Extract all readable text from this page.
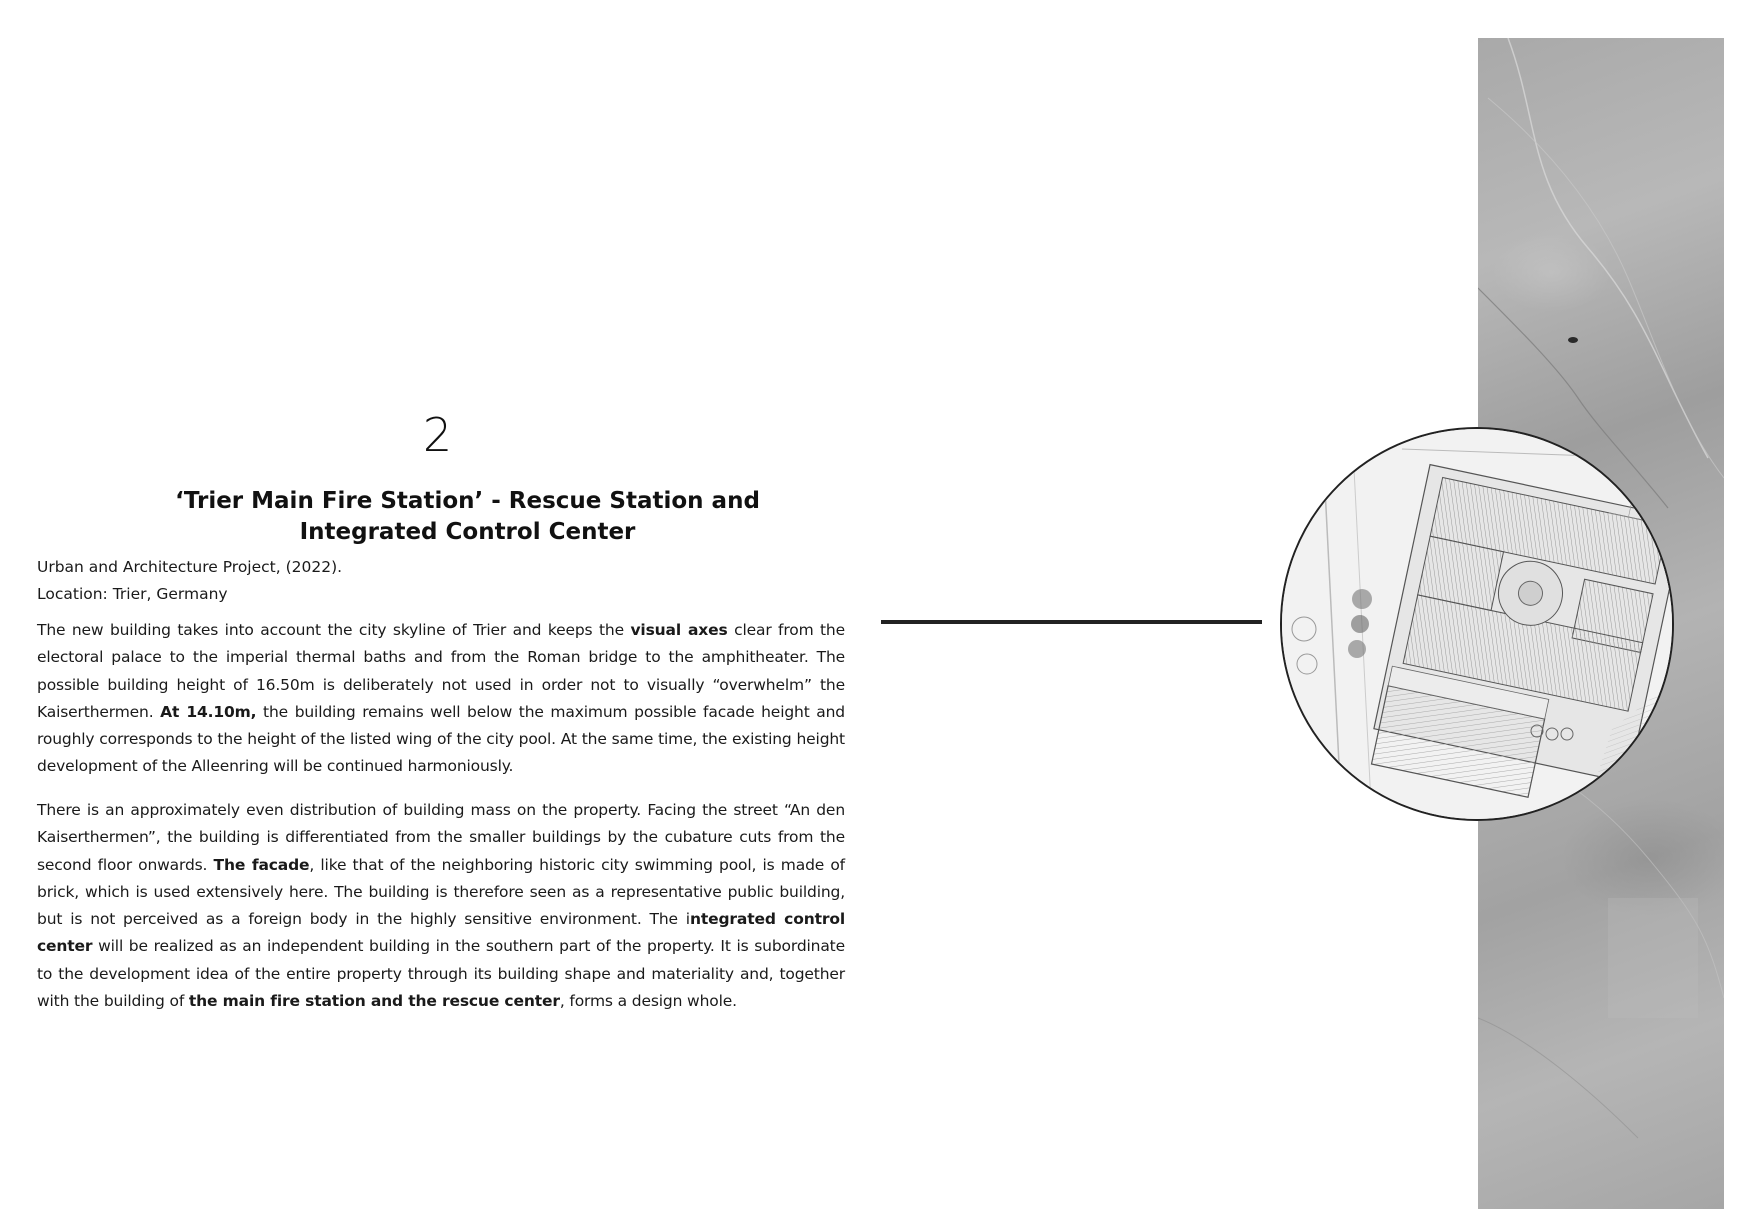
2
‘Trier Main Fire Station’ - Rescue Station and
Integrated Control Center
Urban and Architecture Project, (2022).
Location: Trier, Germany

The new building takes into account the city skyline of Trier and keeps the visual axes clear from the electoral palace to the imperial thermal baths and from the Roman bridge to the amphitheater. The possible building height of 16.50m is deliberately not used in order not to visually “overwhelm” the Kaiserthermen. At 14.10m, the building remains well below the maximum possible facade height and roughly corresponds to the height of the listed wing of the city pool. At the same time, the existing height development of the Alleenring will be continued harmoniously.

There is an approximately even distribution of building mass on the property. Facing the street “An den Kaiserthermen”, the building is differentiated from the smaller buildings by the cubature cuts from the second floor onwards. The facade, like that of the neighboring historic city swimming pool, is made of brick, which is used extensively here. The building is therefore seen as a representative public building, but is not perceived as a foreign body in the highly sensitive environment. The integrated control center will be realized as an independent building in the southern part of the property. It is subordinate to the development idea of the entire property through its building shape and materiality and, together with the building of the main fire station and the rescue center, forms a design whole.
